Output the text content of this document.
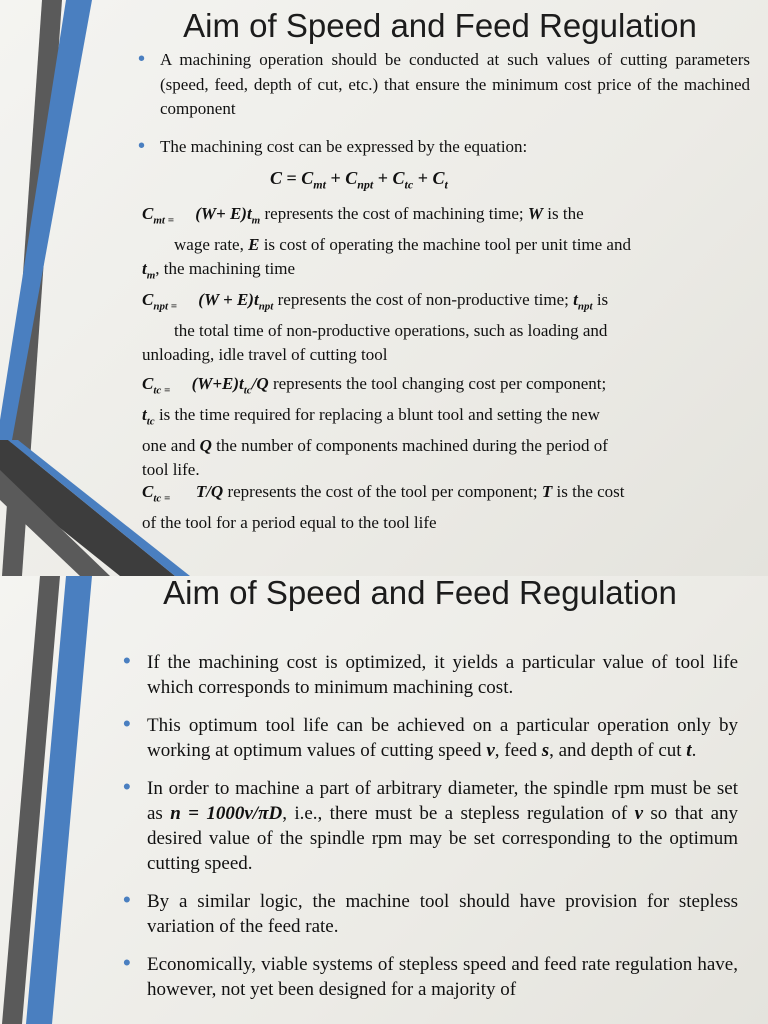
Aim of Speed and Feed Regulation
• A machining operation should be conducted at such values of cutting parameters (speed, feed, depth of cut, etc.) that ensure the minimum cost price of the machined component
• The machining cost can be expressed by the equation:
$C = C_{mt} + C_{npt} + C_{tc} + C_t$
$C_{mt =}$ $(W+ E)t_m$ represents the cost of machining time; W is the
wage rate, E is cost of operating the machine tool per unit time and
$t_m$, the machining time
$C_{npt =}$ $(W + E)t_{npt}$ represents the cost of non-productive time; $t_{npt}$ is
the total time of non-productive operations, such as loading and
unloading, idle travel of cutting tool
$C_{tc =}$ $(W+E)t_{tc}/Q$ represents the tool changing cost per component;
$t_{tc}$ is the time required for replacing a blunt tool and setting the new
one and Q the number of components machined during the period of
tool life.
$C_{tc =}$ T/Q represents the cost of the tool per component; T is the cost
of the tool for a period equal to the tool life
Aim of Speed and Feed Regulation
• If the machining cost is optimized, it yields a particular value of tool life which corresponds to minimum machining cost.
• This optimum tool life can be achieved on a particular operation only by working at optimum values of cutting speed v, feed s, and depth of cut t.
• In order to machine a part of arbitrary diameter, the spindle rpm must be set as n = 1000v/πD, i.e., there must be a stepless regulation of v so that any desired value of the spindle rpm may be set corresponding to the optimum cutting speed.
• By a similar logic, the machine tool should have provision for stepless variation of the feed rate.
• Economically, viable systems of stepless speed and feed rate regulation have, however, not yet been designed for a majority of
